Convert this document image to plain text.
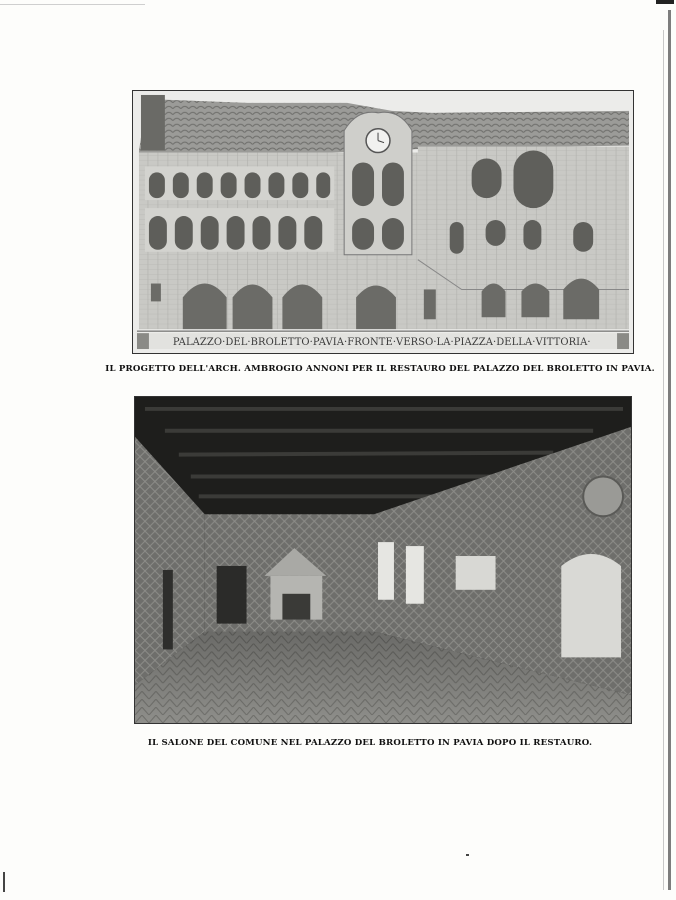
PALAZZO·DEL·BROLETTO·PAVIA·FRONTE·VERSO·LA·PIAZZA·DELLA·VITTORIA·
IL PROGETTO DELL'ARCH. AMBROGIO ANNONI PER IL RESTAURO DEL PALAZZO DEL BROLETTO IN PAVIA.
IL SALONE DEL COMUNE NEL PALAZZO DEL BROLETTO IN PAVIA DOPO IL RESTAURO.
